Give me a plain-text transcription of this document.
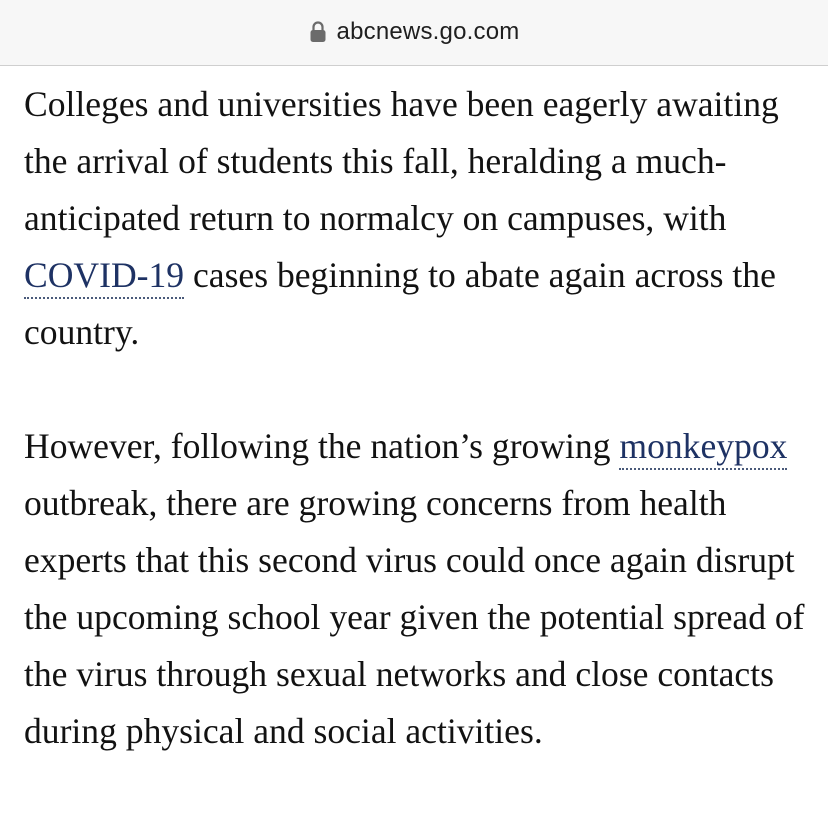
abcnews.go.com

Colleges and universities have been eagerly awaiting the arrival of students this fall, heralding a much-anticipated return to normalcy on campuses, with COVID-19 cases beginning to abate again across the country.

However, following the nation’s growing monkeypox outbreak, there are growing concerns from health experts that this second virus could once again disrupt the upcoming school year given the potential spread of the virus through sexual networks and close contacts during physical and social activities.
